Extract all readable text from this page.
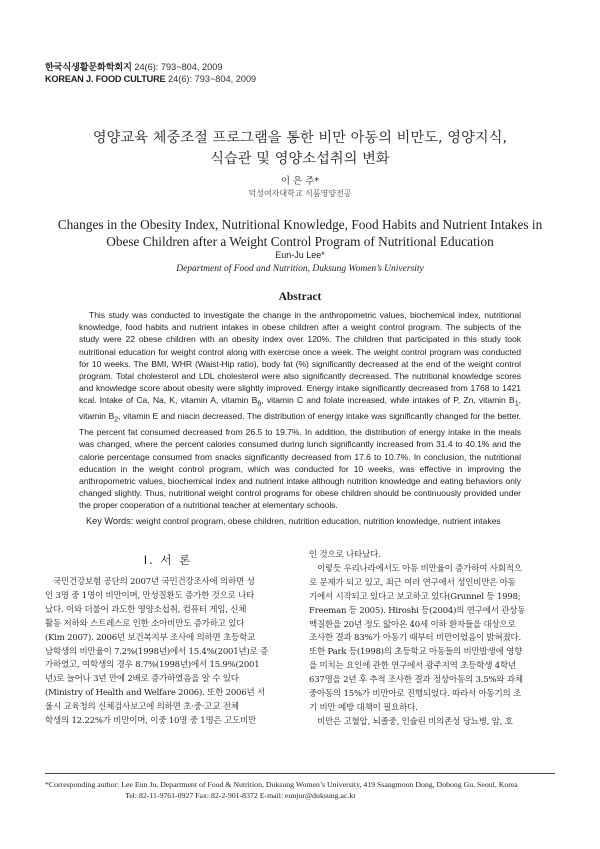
한국식생활문화학회지 24(6): 793~804, 2009
KOREAN J. FOOD CULTURE 24(6): 793~804, 2009
영양교육 체중조절 프로그램을 통한 비만 아동의 비만도, 영양지식,
식습관 및 영양소섭취의 변화
이 은 주*
덕성여자대학교 식품영양전공
Changes in the Obesity Index, Nutritional Knowledge, Food Habits and Nutrient Intakes in
Obese Children after a Weight Control Program of Nutritional Education
Eun-Ju Lee*
Department of Food and Nutrition, Duksung Women’s University
Abstract

This study was conducted to investigate the change in the anthropometric values, biochemical index, nutritional knowledge, food habits and nutrient intakes in obese children after a weight control program. The subjects of the study were 22 obese children with an obesity index over 120%. The children that participated in this study took nutritional education for weight control along with exercise once a week. The weight control program was conducted for 10 weeks. The BMI, WHR (Waist-Hip ratio), body fat (%) significantly decreased at the end of the weight control program. Total cholesterol and LDL cholesterol were also significantly decreased. The nutritional knowledge scores and knowledge score about obesity were slightly improved. Energy intake significantly decreased from 1768 to 1421 kcal. Intake of Ca, Na, K, vitamin A, vitamin $B_6$, vitamin C and folate increased, while intakes of P, Zn, vitamin $B_1$, vitamin $B_2$, vitamin E and niacin decreased. The distribution of energy intake was significantly changed for the better. The percent fat consumed decreased from 26.5 to 19.7%. In addition, the distribution of energy intake in the meals was changed, where the percent calories consumed during lunch significantly increased from 31.4 to 40.1% and the calorie percentage consumed from snacks significantly decreased from 17.6 to 10.7%. In conclusion, the nutritional education in the weight control program, which was conducted for 10 weeks, was effective in improving the anthropometric values, biochemical index and nutrient intake although nutrition knowledge and eating behaviors only changed slightly. Thus, nutritional weight control programs for obese children should be continuously provided under the proper cooperation of a nutritional teacher at elementary schools.

Key Words: weight control program, obese children, nutrition education, nutrition knowledge, nutrient intakes
I. 서 론
국민건강보험 공단의 2007년 국민건강조사에 의하면 성
인 3명 중 1명이 비만이며, 만성질환도 증가한 것으로 나타
났다. 이와 더불어 과도한 영양소섭취, 컴퓨터 게임, 신체
활동 저하와 스트레스로 인한 소아비만도 증가하고 있다
(Kim 2007). 2006년 보건복지부 조사에 의하면 초등학교
남학생의 비만율이 7.2%(1998년)에서 15.4%(2001년)로 증
가하였고, 여학생의 경우 8.7%(1998년)에서 15.9%(2001
년)로 늘어나 3년 만에 2배로 증가하였음을 알 수 있다
(Ministry of Health and Welfare 2006). 또한 2006년 서
울시 교육청의 신체검사보고에 의하면 초·중·고교 전체
학생의 12.22%가 비만이며, 이중 10명 중 1명은 고도비만
인 것으로 나타났다.
이렇듯 우리나라에서도 아동 비만율이 증가하여 사회적으
로 문제가 되고 있고, 최근 여러 연구에서 성인비만은 아동
기에서 시작되고 있다고 보고하고 있다(Grunnel 등 1998;
Freeman 등 2005). Hiroshi 등(2004)의 연구에서 관상동
맥질환을 20년 정도 앓아온 40세 이하 환자들을 대상으로
조사한 결과 83%가 아동기 때부터 비만이었음이 밝혀졌다.
또한 Park 등(1998)의 초등학교 아동들의 비만발생에 영향
을 미치는 요인에 관한 연구에서 광주지역 초등학생 4학년
637명을 2년 후 추적 조사한 결과 정상아동의 3.5%와 과체
중아동의 15%가 비만아로 진행되었다. 따라서 아동기의 조
기 비만 예방 대책이 필요하다.
비만은 고혈압, 뇌졸중, 인슐린 비의존성 당뇨병, 암, 호
*Corresponding author: Lee Eun Ju, Department of Food & Nutrition, Duksung Women’s University, 419 Ssangmoon Dong, Dobong Gu, Seoul, Korea
Tel: 82-11-9761-0927 Fax: 82-2-901-8372 E-mail: eunjur@duksung.ac.kr
